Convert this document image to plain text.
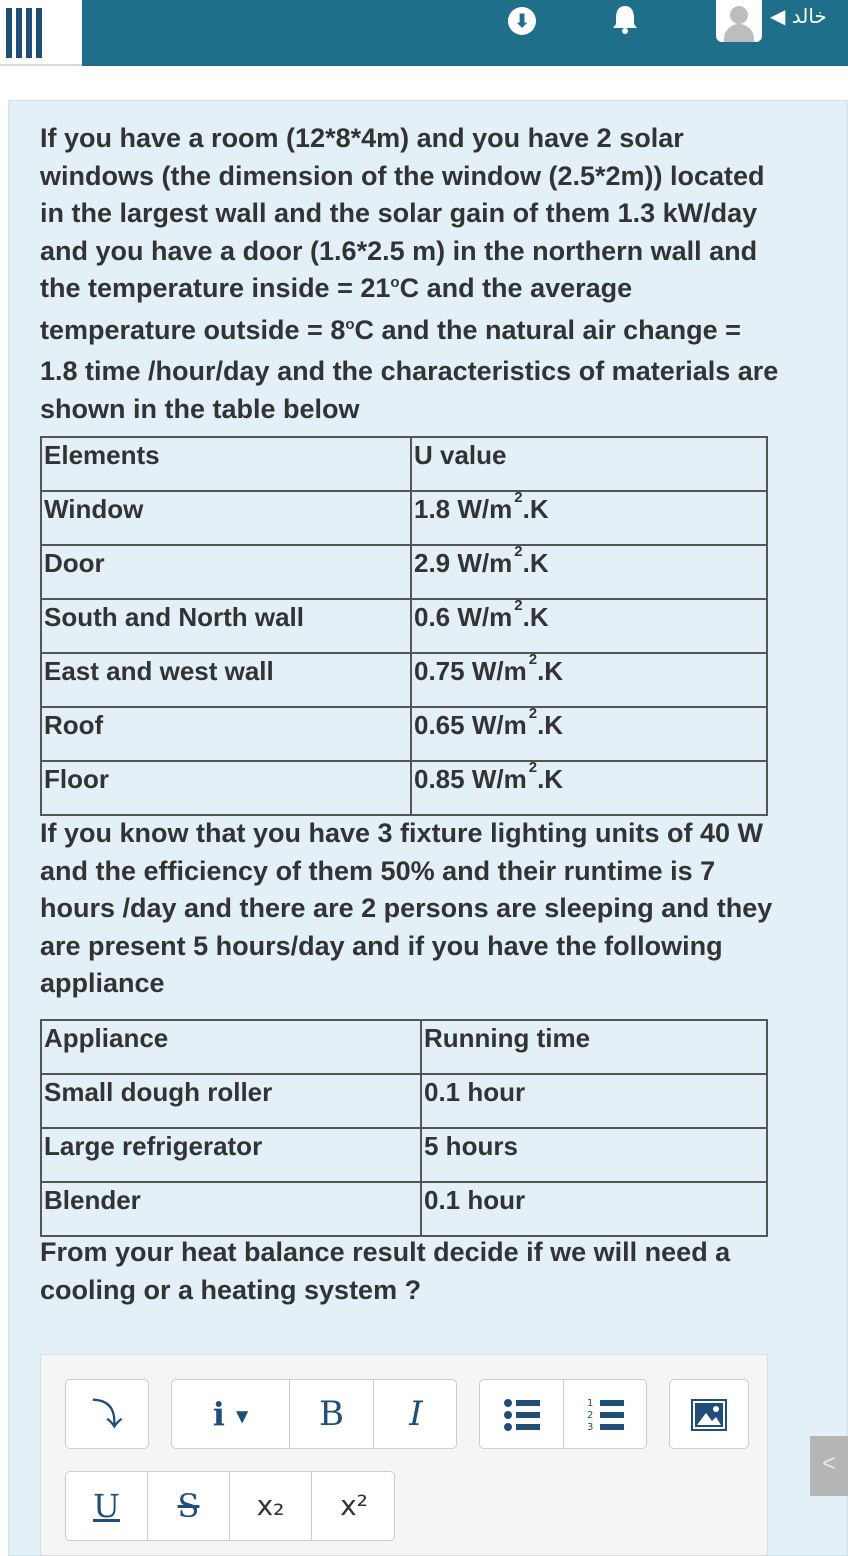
⬇	◀ خالد
If you have a room (12*8*4m) and you have 2 solar windows (the dimension of the window (2.5*2m)) located in the largest wall and the solar gain of them 1.3 kW/day and you have a door (1.6*2.5 m) in the northern wall and the temperature inside = $21^oC$ and the average temperature outside = $8^oC$ and the natural air change = 1.8 time /hour/day and the characteristics of materials are shown in the table below
Elements	U value
Window	1.8 W/m $^2$.K
Door	2.9 W/m $^2$.K
South and North wall	0.6 W/m $^2$.K
East and west wall	0.75 W/m $^2$.K
Roof	0.65 W/m $^2$.K
Floor	0.85 W/m $^2$.K
If you know that you have 3 fixture lighting units of 40 W and the efficiency of them 50% and their runtime is 7 hours /day and there are 2 persons are sleeping and they are present 5 hours/day and if you have the following appliance
Appliance	Running time
Small dough roller	0.1 hour
Large refrigerator	5 hours
Blender	0.1 hour
From your heat balance result decide if we will need a cooling or a heating system ?
⤵	i ▼	B	I	1
2
3
U	S	x₂	x²
<
